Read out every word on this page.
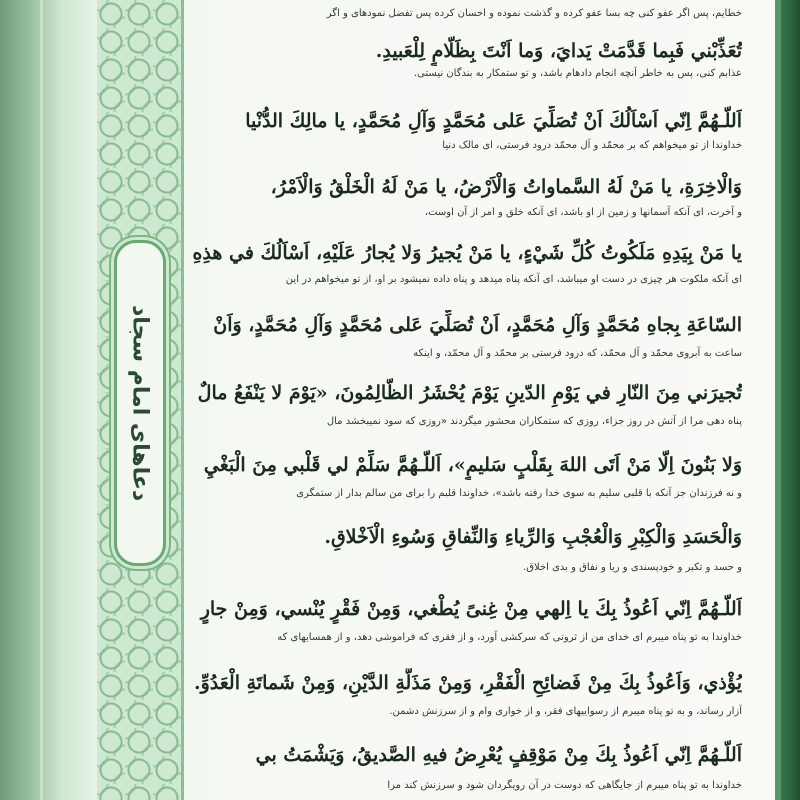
دعاهای امام سجاد
خطایم، پس اگر عفو کنی چه بسا عفو کرده و گذشت نموده و احسان کرده پس تفضل نمودهای و اگر
تُعَذِّبْني فَبِما قَدَّمَتْ يَدايَ، وَما اَنْتَ بِظَلّامٍ لِلْعَبيدِ.
عذابم کنی، پس به خاطر آنچه انجام دادهام باشد، و تو ستمکار به بندگان نیستی.
اَللّـهُمَّ اِنّي اَسْاَلُكَ اَنْ تُصَلِّيَ عَلى مُحَمَّدٍ وَآلِ مُحَمَّدٍ، يا مالِكَ الدُّنْيا
خداوندا از تو میخواهم که بر محمّد و آل محمّد درود فرستی، ای مالک دنیا
وَالْاخِرَةِ، يا مَنْ لَهُ السَّماواتُ وَالْاَرْضُ، يا مَنْ لَهُ الْخَلْقُ وَالْاَمْرُ،
و آخرت، ای آنکه آسمانها و زمین از او باشد، ای آنکه خلق و امر از آن اوست،
يا مَنْ بِيَدِهِ مَلَكُوتُ كُلِّ شَيْءٍ، يا مَنْ يُجيرُ وَلا يُجارُ عَلَيْهِ، اَسْاَلُكَ في هذِهِ
ای آنکه ملکوت هر چیزی در دست او میباشد، ای آنکه پناه میدهد و پناه داده نمیشود بر او، از تو میخواهم در این
السّاعَةِ بِجاهِ مُحَمَّدٍ وَآلِ مُحَمَّدٍ، اَنْ تُصَلِّيَ عَلى مُحَمَّدٍ وَآلِ مُحَمَّدٍ، وَاَنْ
ساعت به آبروی محمّد و آل محمّد، که درود فرستی بر محمّد و آل محمّد، و اینکه
تُجيرَني مِنَ النّارِ في يَوْمِ الدّينِ يَوْمَ يُحْشَرُ الظّالِمُونَ، «يَوْمَ لا يَنْفَعُ مالٌ
پناه دهی مرا از آتش در روز جزاء، روزی که ستمکاران محشور میگردند «روزی که سود نمیبخشد مال
وَلا بَنُونَ اِلّا مَنْ اَتَى اللهَ بِقَلْبٍ سَليمٍ»، اَللّـهُمَّ سَلِّمْ لي قَلْبي مِنَ الْبَغْيِ
و نه فرزندان جز آنکه با قلبی سلیم به سوی خدا رفته باشد»، خداوندا قلبم را برای من سالم بدار از ستمگری
وَالْحَسَدِ وَالْكِبْرِ وَالْعُجْبِ وَالرِّياءِ وَالنِّفاقِ وَسُوءِ الْاَخْلاقِ.
و حسد و تکبر و خودپسندی و ریا و نفاق و بدی اخلاق.
اَللّـهُمَّ اِنّي اَعُوذُ بِكَ يا اِلهي مِنْ غِنىً يُطْغي، وَمِنْ فَقْرٍ يُنْسي، وَمِنْ جارٍ
خداوندا به تو پناه میبرم ای خدای من از ثروتی که سرکشی آورد، و از فقری که فراموشی دهد، و از همسایهای که
يُؤْذي، وَاَعُوذُ بِكَ مِنْ فَضائِحِ الْفَقْرِ، وَمِنْ مَذَلَّةِ الدَّيْنِ، وَمِنْ شَماتَةِ الْعَدُوِّ.
آزار رساند، و به تو پناه میبرم از رسواییهای فقر، و از خواری وام و از سرزنش دشمن.
اَللّـهُمَّ اِنّي اَعُوذُ بِكَ مِنْ مَوْقِفٍ يُعْرِضُ فيهِ الصَّديقُ، وَيَشْمَتُ بي
خداوندا به تو پناه میبرم از جایگاهی که دوست در آن رویگردان شود و سرزنش کند مرا
